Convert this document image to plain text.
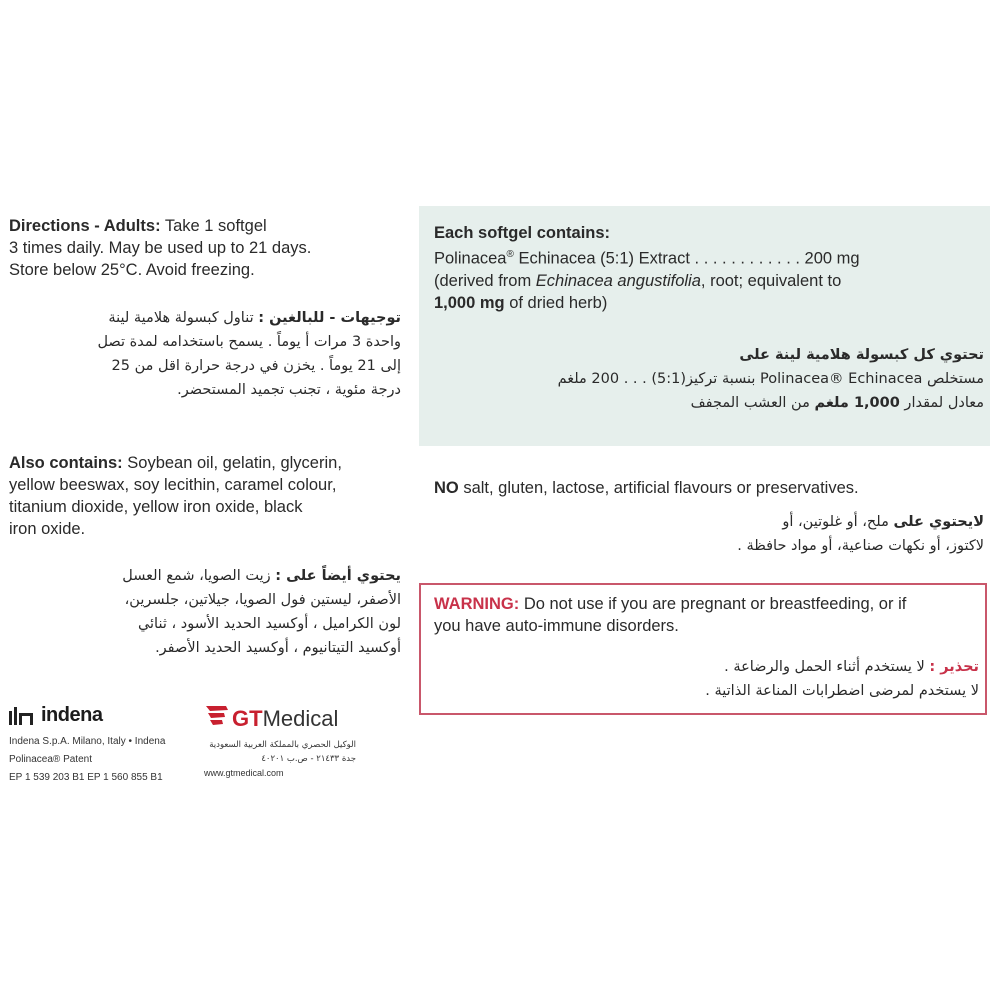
Directions - Adults: Take 1 softgel
3 times daily. May be used up to 21 days.
Store below 25°C. Avoid freezing.
توجيهات - للبالغين : تناول كبسولة هلامية لينة
واحدة 3 مرات أ يوماً . يسمح باستخدامه لمدة تصل
إلى 21 يوماً . يخزن في درجة حرارة اقل من 25
درجة مئوية ، تجنب تجميد المستحضر.
Also contains: Soybean oil, gelatin, glycerin,
yellow beeswax, soy lecithin, caramel colour,
titanium dioxide, yellow iron oxide, black
iron oxide.
يحتوي أيضاً على : زيت الصويا، شمع العسل
الأصفر، ليستين فول الصويا، جيلاتين، جلسرين،
لون الكراميل ، أوكسيد الحديد الأسود ، ثنائي
أوكسيد التيتانيوم ، أوكسيد الحديد الأصفر.
Each softgel contains:
Polinacea® Echinacea (5:1) Extract . . . . . . . . . . . . 200 mg
(derived from Echinacea angustifolia, root; equivalent to
1,000 mg of dried herb)
تحتوي كل كبسولة هلامية لينة على
مستخلص Polinacea® Echinacea بنسبة تركيز(5:1) . . . 200 ملغم
معادل لمقدار 1,000 ملغم من العشب المجفف
NO salt, gluten, lactose, artificial flavours or preservatives.
لايحتوي على ملح، أو غلوتين، أو
لاكتوز، أو نكهات صناعية، أو مواد حافظة .
WARNING: Do not use if you are pregnant or breastfeeding, or if
you have auto-immune disorders.
تحذير : لا يستخدم أثناء الحمل والرضاعة .
لا يستخدم لمرضى اضطرابات المناعة الذاتية .
indena
Indena S.p.A. Milano, Italy • Indena
Polinacea® Patent
EP 1 539 203 B1 EP 1 560 855 B1
GTMedical
الوكيل الحصري بالمملكة العربية السعودية
جدة ٢١٤٣٣ - ص.ب ٤٠٢٠١
www.gtmedical.com
